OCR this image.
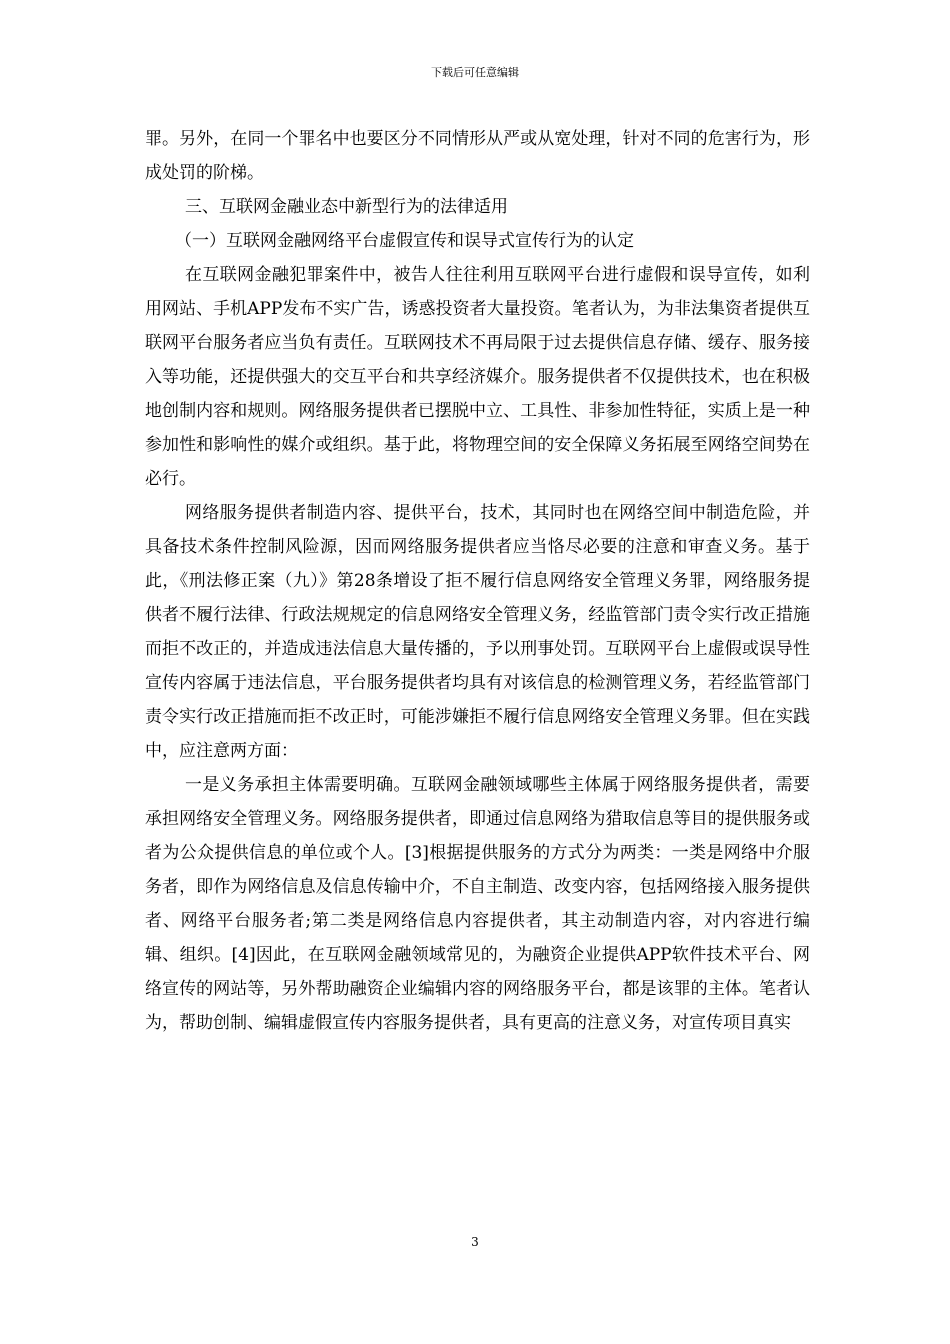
下载后可任意编辑

罪。另外，在同一个罪名中也要区分不同情形从严或从宽处理，针对不同的危害行为，形成处罚的阶梯。

三、互联网金融业态中新型行为的法律适用

（一）互联网金融网络平台虚假宣传和误导式宣传行为的认定

在互联网金融犯罪案件中，被告人往往利用互联网平台进行虚假和误导宣传，如利用网站、手机APP发布不实广告，诱惑投资者大量投资。笔者认为，为非法集资者提供互联网平台服务者应当负有责任。互联网技术不再局限于过去提供信息存储、缓存、服务接入等功能，还提供强大的交互平台和共享经济媒介。服务提供者不仅提供技术，也在积极地创制内容和规则。网络服务提供者已摆脱中立、工具性、非参加性特征，实质上是一种参加性和影响性的媒介或组织。基于此，将物理空间的安全保障义务拓展至网络空间势在必行。

网络服务提供者制造内容、提供平台，技术，其同时也在网络空间中制造危险，并具备技术条件控制风险源，因而网络服务提供者应当恪尽必要的注意和审查义务。基于此，《刑法修正案（九）》第28条增设了拒不履行信息网络安全管理义务罪，网络服务提供者不履行法律、行政法规规定的信息网络安全管理义务，经监管部门责令实行改正措施而拒不改正的，并造成违法信息大量传播的，予以刑事处罚。互联网平台上虚假或误导性宣传内容属于违法信息，平台服务提供者均具有对该信息的检测管理义务，若经监管部门责令实行改正措施而拒不改正时，可能涉嫌拒不履行信息网络安全管理义务罪。但在实践中，应注意两方面：

一是义务承担主体需要明确。互联网金融领域哪些主体属于网络服务提供者，需要承担网络安全管理义务。网络服务提供者，即通过信息网络为猎取信息等目的提供服务或者为公众提供信息的单位或个人。[3]根据提供服务的方式分为两类：一类是网络中介服务者，即作为网络信息及信息传输中介，不自主制造、改变内容，包括网络接入服务提供者、网络平台服务者;第二类是网络信息内容提供者，其主动制造内容，对内容进行编辑、组织。[4]因此，在互联网金融领域常见的，为融资企业提供APP软件技术平台、网络宣传的网站等，另外帮助融资企业编辑内容的网络服务平台，都是该罪的主体。笔者认为，帮助创制、编辑虚假宣传内容服务提供者，具有更高的注意义务，对宣传项目真实

3
